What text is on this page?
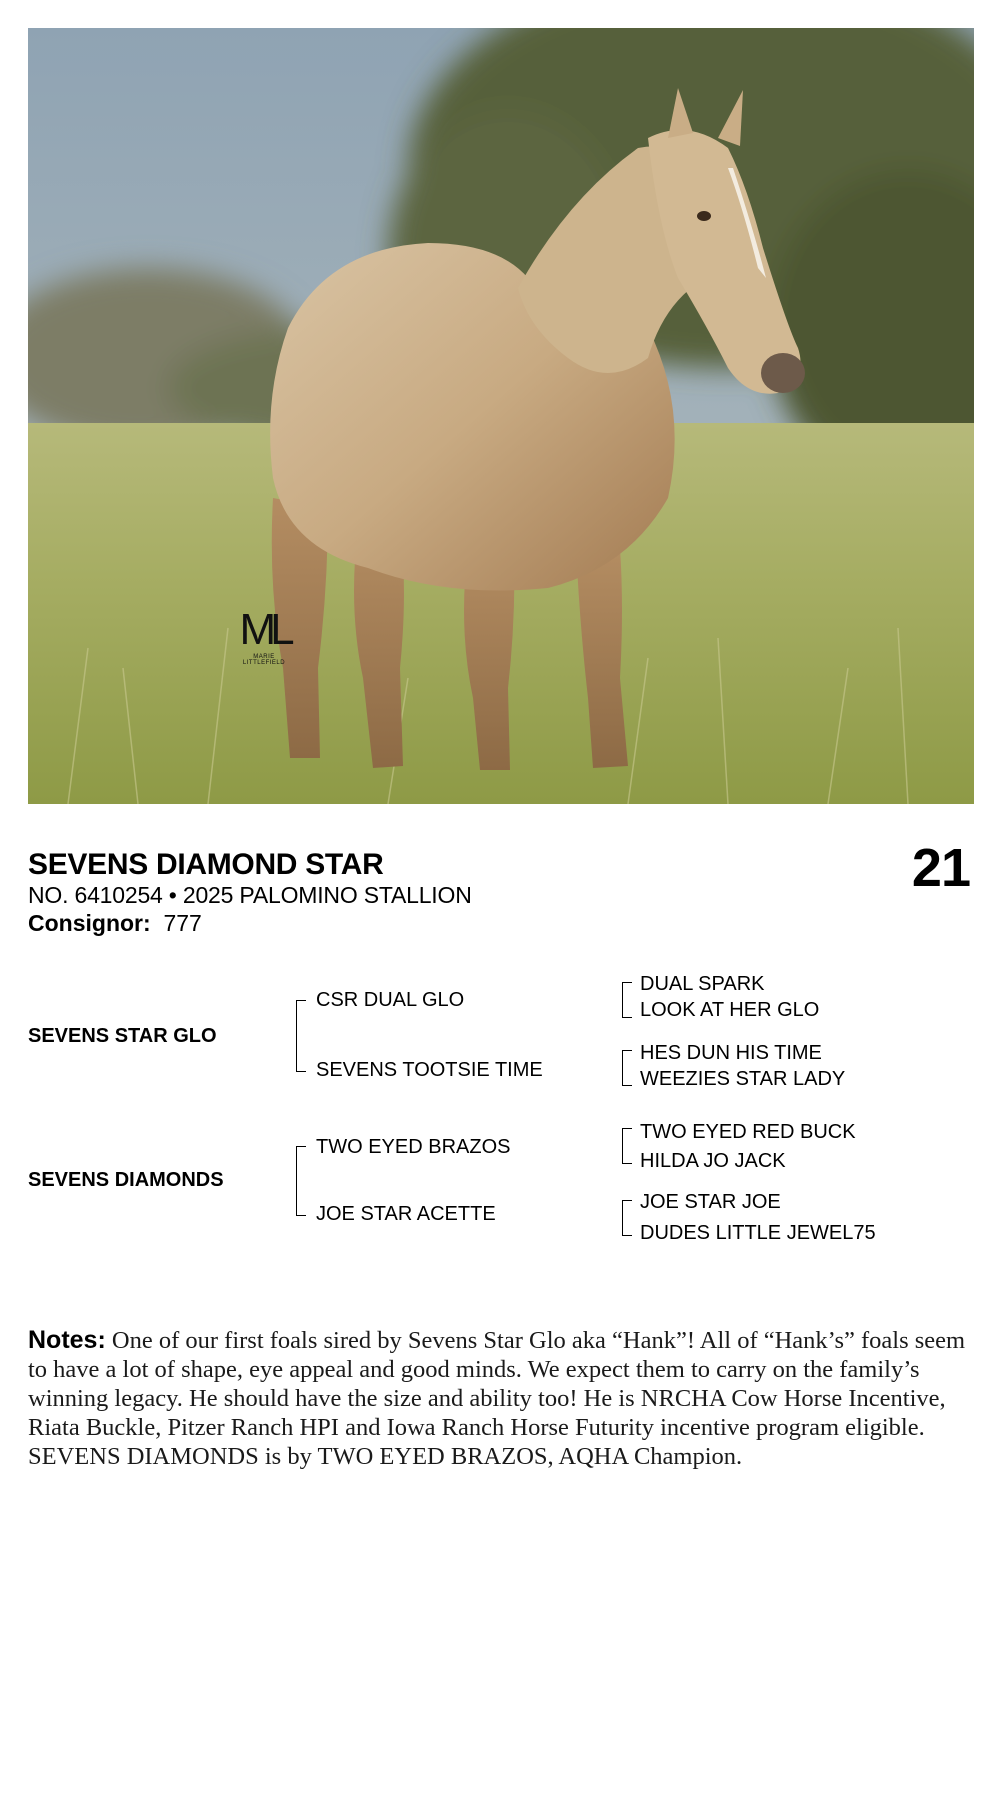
ML
MARIE LITTLEFIELD
SEVENS DIAMOND STAR
NO. 6410254 • 2025 PALOMINO STALLION
Consignor: 777
21
SEVENS STAR GLO
SEVENS DIAMONDS
CSR DUAL GLO
SEVENS TOOTSIE TIME
TWO EYED BRAZOS
JOE STAR ACETTE
DUAL SPARK
LOOK AT HER GLO
HES DUN HIS TIME
WEEZIES STAR LADY
TWO EYED RED BUCK
HILDA JO JACK
JOE STAR JOE
DUDES LITTLE JEWEL75
Notes: One of our first foals sired by Sevens Star Glo aka “Hank”! All of “Hank’s” foals seem to have a lot of shape, eye appeal and good minds. We expect them to carry on the family’s winning legacy. He should have the size and ability too! He is NRCHA Cow Horse Incentive, Riata Buckle, Pitzer Ranch HPI and Iowa Ranch Horse Futurity incentive program eligible. SEVENS DIAMONDS is by TWO EYED BRAZOS, AQHA Champion.
